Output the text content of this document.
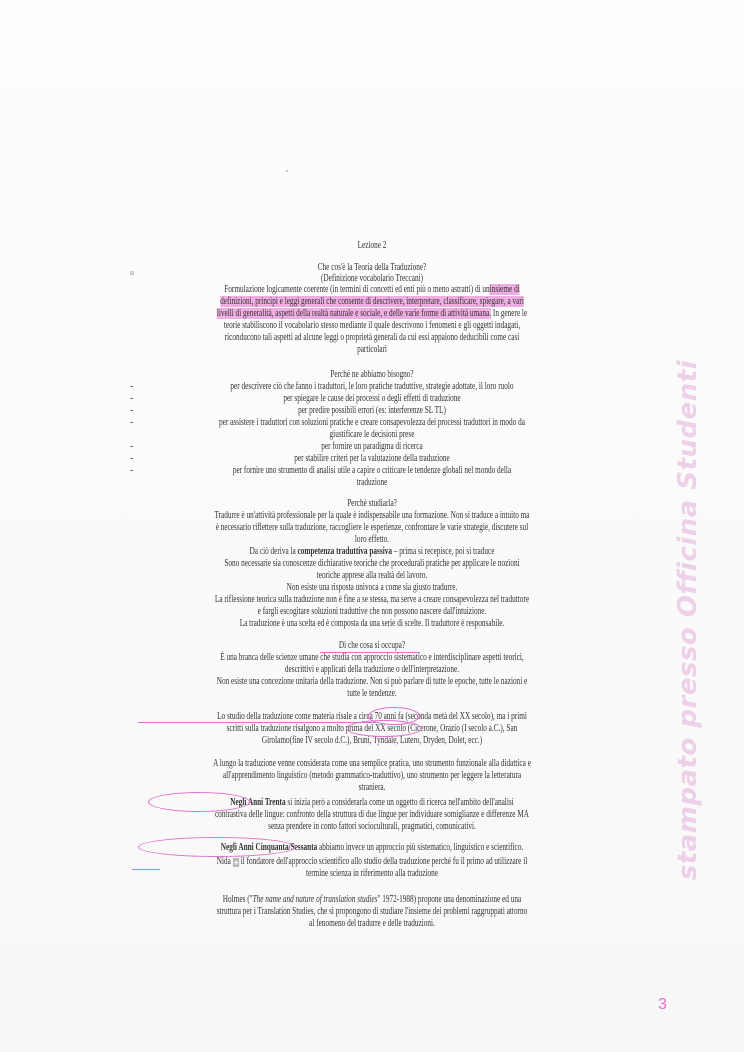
,
Lezione 2
u	Che cos'è la Teoria della Traduzione?
(Definizione vocabolario Treccani)
Formulazione logicamente coerente (in termini di concetti ed enti più o meno astratti) di uninsieme di
definizioni, principi e leggi generali che consente di descrivere, interpretare, classificare, spiegare, a vari
livelli di generalità, aspetti della realtà naturale e sociale, e delle varie forme di attività umana. In genere le
teorie stabiliscono il vocabolario stesso mediante il quale descrivono i fenomeni e gli oggetti indagati,
riconducono tali aspetti ad alcune leggi o proprietà generali da cui essi appaiono deducibili come casi
particolari
Perché ne abbiamo bisogno?
per descrivere ciò che fanno i traduttori, le loro pratiche traduttive, strategie adottate, il loro ruolo
-
per spiegare le cause dei processi o degli effetti di traduzione
-
per predire possibili errori (es: interferenze SL TL)
-
per assistere i traduttori con soluzioni pratiche e creare consapevolezza dei processi traduttori in modo da
-
giustificare le decisioni prese
per fornire un paradigma di ricerca
-
per stabilire criteri per la valutazione della traduzione
-
per fornire uno strumento di analisi utile a capire o criticare le tendenze globali nel mondo della
-
traduzione
Perché studiarla?
Tradurre è un'attività professionale per la quale è indispensabile una formazione. Non si traduce a intuito ma
è necessario riflettere sulla traduzione, raccogliere le esperienze, confrontare le varie strategie, discutere sul
loro effetto.
Da ciò deriva la competenza traduttiva passiva – prima si recepisce, poi si traduce
Sono necessarie sia conoscenze dichiarative teoriche che procedurali pratiche per applicare le nozioni
teoriche apprese alla realtà del lavoro.
Non esiste una risposta univoca a come sia giusto tradurre.
La riflessione teorica sulla traduzione non è fine a se stessa, ma serve a creare consapevolezza nel traduttore
e fargli escogitare soluzioni traduttive che non possono nascere dall'intuizione.
La traduzione è una scelta ed è composta da una serie di scelte. Il traduttore è responsabile.
Di che cosa si occupa?
È una branca delle scienze umane che studia con approccio sistematico e interdisciplinare aspetti teorici,
descrittivi e applicati della traduzione o dell'interpretazione.
Non esiste una concezione unitaria della traduzione. Non si può parlare di tutte le epoche, tutte le nazioni e
tutte le tendenze.
Lo studio della traduzione come materia risale a circa 70 anni fa (seconda metà del XX secolo), ma i primi
scritti sulla traduzione risalgono a molto prima del XX secolo (Cicerone, Orazio (I secolo a.C.), San
Girolamo(fine IV secolo d.C.), Bruni, Tyndale, Lutero, Dryden, Dolet, ecc.)
A lungo la traduzione venne considerata come una semplice pratica, uno strumento funzionale alla didattica e
all'apprendimento linguistico (metodo grammatico-traduttivo), uno strumento per leggere la letteratura
straniera.
Negli Anni Trenta si inizia però a considerarla come un oggetto di ricerca nell'ambito dell'analisi
contrastiva delle lingue: confronto della struttura di due lingue per individuare somiglianze e differenze MA
senza prendere in conto fattori socioculturali, pragmatici, comunicativi.
Negli Anni Cinquanta/Sessanta abbiamo invece un approccio più sistematico, linguistico e scientifico.
Nida ➜ il fondatore dell'approccio scientifico allo studio della traduzione perché fu il primo ad utilizzare il
termine scienza in riferimento alla traduzione
Holmes ("The name and nature of translation studies" 1972-1988) propone una denominazione ed una
struttura per i Translation Studies, che si propongono di studiare l'insieme dei problemi raggruppati attorno
al fenomeno del tradurre e delle traduzioni.
stampato presso Officina Studenti
3
